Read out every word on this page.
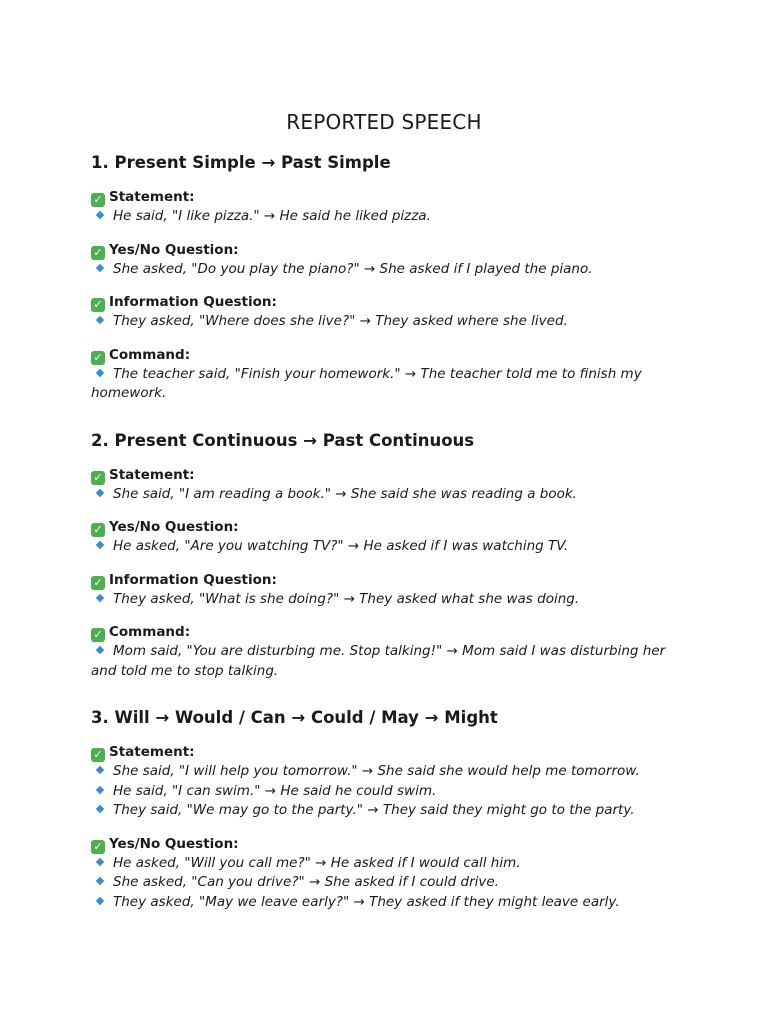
REPORTED SPEECH
1. Present Simple → Past Simple
✓ Statement:
He said, "I like pizza." → He said he liked pizza.
✓ Yes/No Question:
She asked, "Do you play the piano?" → She asked if I played the piano.
✓ Information Question:
They asked, "Where does she live?" → They asked where she lived.
✓ Command:
The teacher said, "Finish your homework." → The teacher told me to finish my homework.
2. Present Continuous → Past Continuous
✓ Statement:
She said, "I am reading a book." → She said she was reading a book.
✓ Yes/No Question:
He asked, "Are you watching TV?" → He asked if I was watching TV.
✓ Information Question:
They asked, "What is she doing?" → They asked what she was doing.
✓ Command:
Mom said, "You are disturbing me. Stop talking!" → Mom said I was disturbing her and told me to stop talking.
3. Will → Would / Can → Could / May → Might
✓ Statement:
She said, "I will help you tomorrow." → She said she would help me tomorrow.
He said, "I can swim." → He said he could swim.
They said, "We may go to the party." → They said they might go to the party.
✓ Yes/No Question:
He asked, "Will you call me?" → He asked if I would call him.
She asked, "Can you drive?" → She asked if I could drive.
They asked, "May we leave early?" → They asked if they might leave early.
